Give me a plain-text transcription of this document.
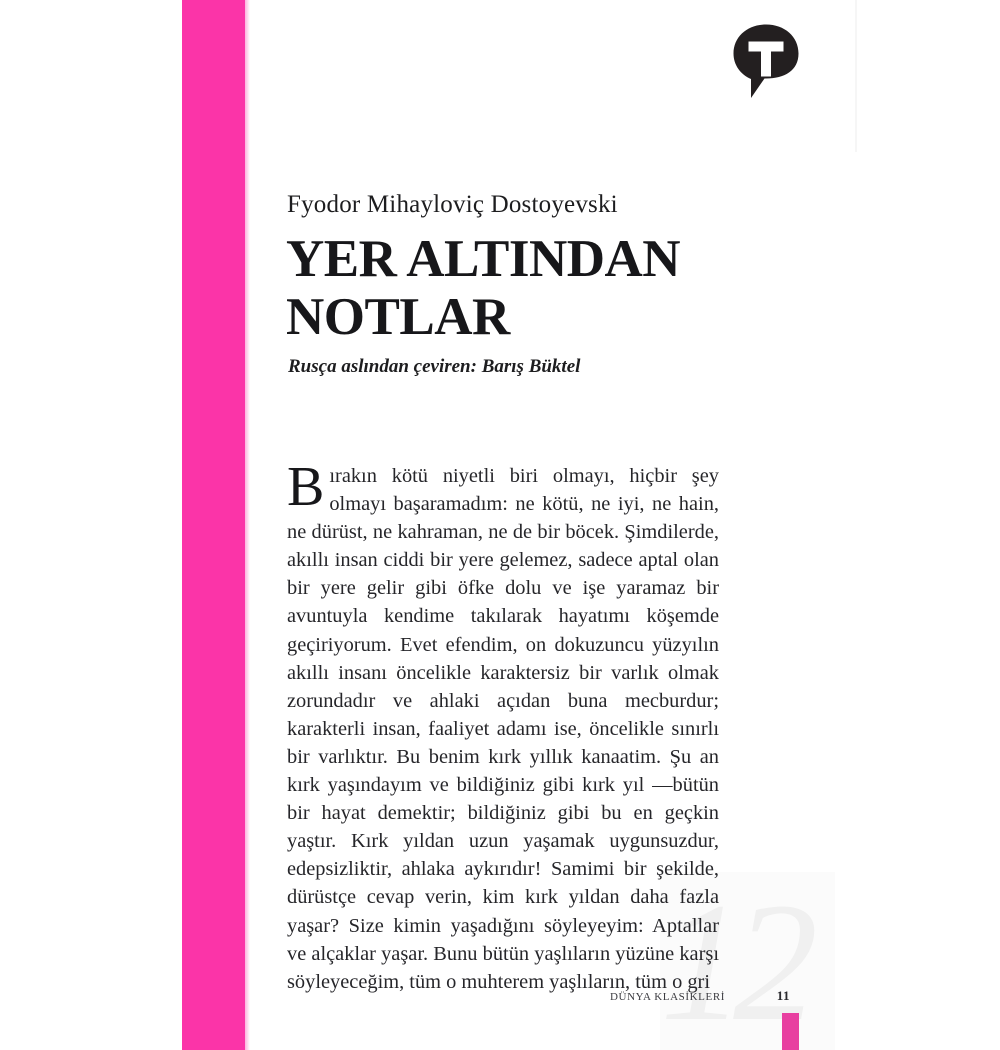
Fyodor Mihayloviç Dostoyevski
YER ALTINDAN
NOTLAR
Rusça aslından çeviren: Barış Büktel

Bırakın kötü niyetli biri olmayı, hiçbir şey olmayı başaramadım: ne kötü, ne iyi, ne hain, ne dürüst, ne kahraman, ne de bir böcek. Şimdilerde, akıllı insan ciddi bir yere gelemez, sadece aptal olan bir yere gelir gibi öfke dolu ve işe yaramaz bir avuntuyla kendime takılarak hayatımı köşemde geçiriyorum. Evet efendim, on dokuzuncu yüzyılın akıllı insanı öncelikle karaktersiz bir varlık olmak zorundadır ve ahlaki açıdan buna mecburdur; karakterli insan, faaliyet adamı ise, öncelikle sınırlı bir varlıktır. Bu benim kırk yıllık kanaatim. Şu an kırk yaşındayım ve bildiğiniz gibi kırk yıl —bütün bir hayat demektir; bildiğiniz gibi bu en geçkin yaştır. Kırk yıldan uzun yaşamak uygunsuzdur, edepsizliktir, ahlaka aykırıdır! Samimi bir şekilde, dürüstçe cevap verin, kim kırk yıldan daha fazla yaşar? Size kimin yaşadığını söyleyeyim: Aptallar ve alçaklar yaşar. Bunu bütün yaşlıların yüzüne karşı söyleyeceğim, tüm o muhterem yaşlıların, tüm o gri

DÜNYA KLASİKLERİ	11
